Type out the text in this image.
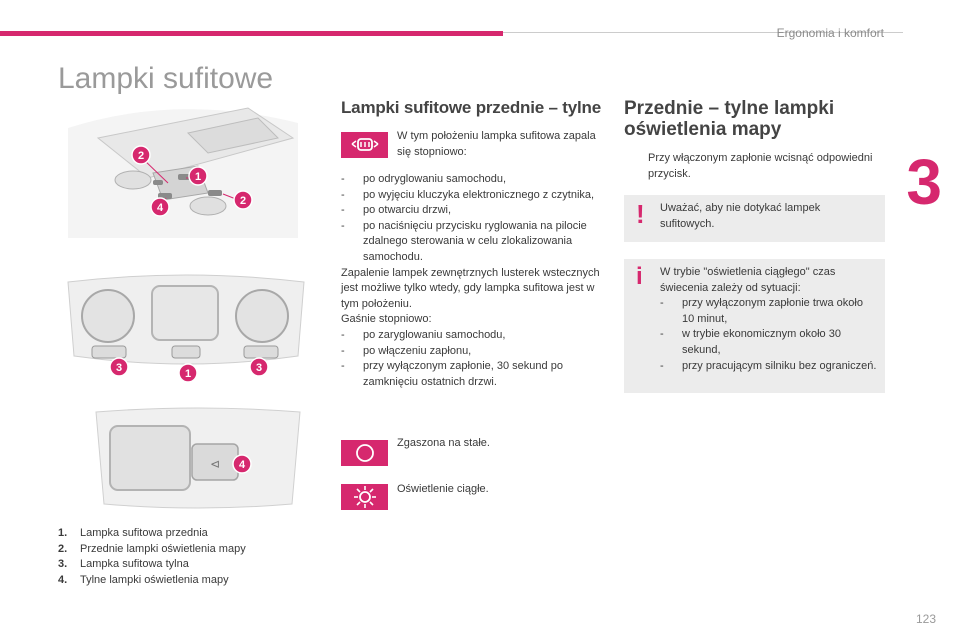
Ergonomia i komfort
3
Lampki sufitowe
2
1
4
2
3	1	3
⊲ 4
1. Lampka sufitowa przednia
2. Przednie lampki oświetlenia mapy
3. Lampka sufitowa tylna
4. Tylne lampki oświetlenia mapy
Lampki sufitowe przednie – tylne
W tym położeniu lampka sufitowa zapala się stopniowo:
- po odryglowaniu samochodu,
- po wyjęciu kluczyka elektronicznego z czytnika,
- po otwarciu drzwi,
- po naciśnięciu przycisku ryglowania na pilocie zdalnego sterowania w celu zlokalizowania samochodu.
Zapalenie lampek zewnętrznych lusterek wstecznych jest możliwe tylko wtedy, gdy lampka sufitowa jest w tym położeniu.
Gaśnie stopniowo:
- po zaryglowaniu samochodu,
- po włączeniu zapłonu,
- przy wyłączonym zapłonie, 30 sekund po zamknięciu ostatnich drzwi.
Zgaszona na stałe.
Oświetlenie ciągłe.
Przednie – tylne lampki oświetlenia mapy
Przy włączonym zapłonie wcisnąć odpowiedni przycisk.
!	Uważać, aby nie dotykać lampek sufitowych.
i W trybie "oświetlenia ciągłego" czas świecenia zależy od sytuacji:
- przy wyłączonym zapłonie trwa około 10 minut,
- w trybie ekonomicznym około 30 sekund,
- przy pracującym silniku bez ograniczeń.
123
